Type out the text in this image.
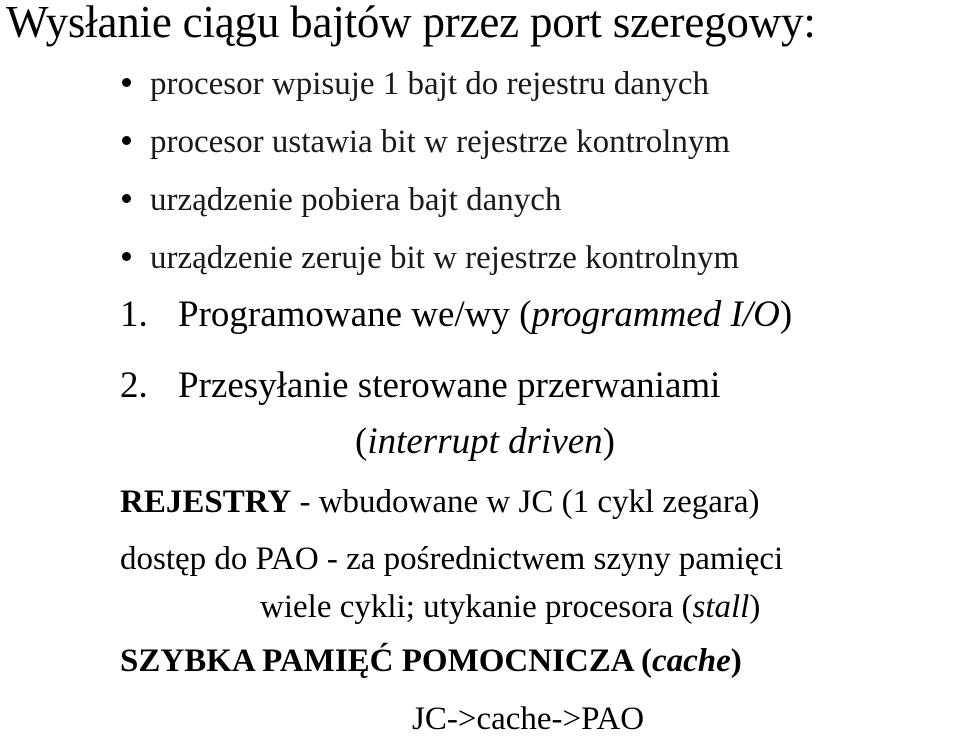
Wysłanie ciągu bajtów przez port szeregowy:
procesor wpisuje 1 bajt do rejestru danych
procesor ustawia bit w rejestrze kontrolnym
urządzenie pobiera bajt danych
urządzenie zeruje bit w rejestrze kontrolnym
1. Programowane we/wy (programmed I/O)
2. Przesyłanie sterowane przerwaniami
(interrupt driven)
REJESTRY - wbudowane w JC (1 cykl zegara)
dostęp do PAO - za pośrednictwem szyny pamięci
wiele cykli; utykanie procesora (stall)
SZYBKA PAMIĘĆ POMOCNICZA (cache)
JC->cache->PAO
